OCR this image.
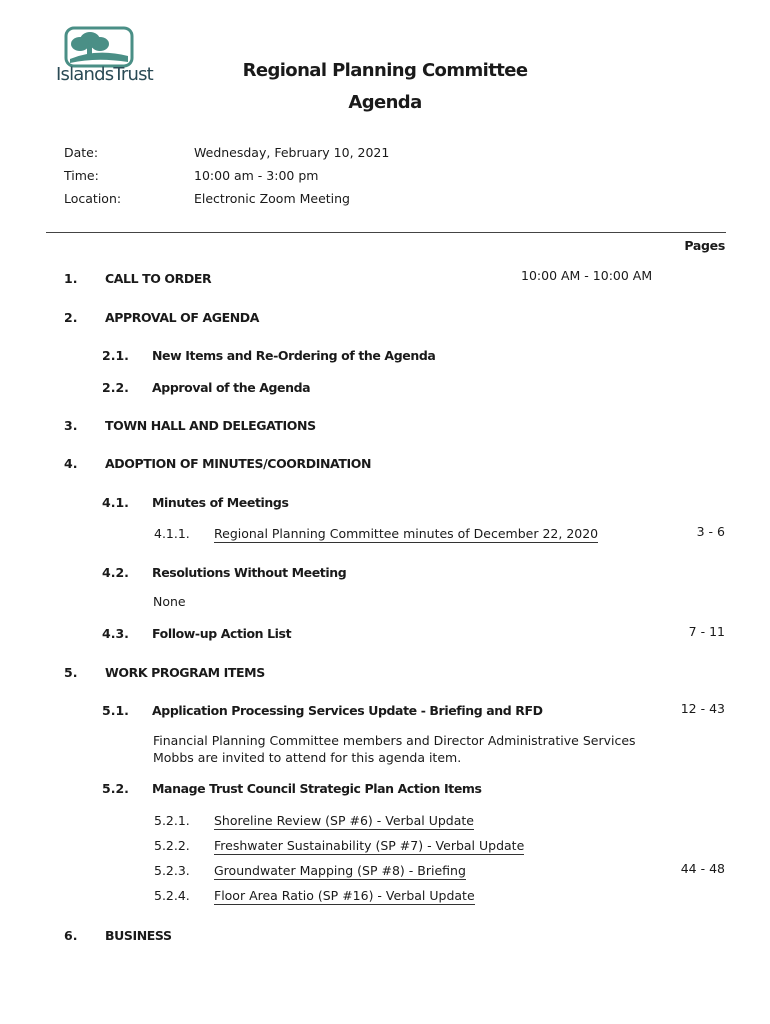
IslandsTrust	Regional Planning Committee
Agenda
Date:	Wednesday, February 10, 2021
Time:	10:00 am - 3:00 pm
Location:	Electronic Zoom Meeting
Pages
1. CALL TO ORDER	10:00 AM - 10:00 AM
2. APPROVAL OF AGENDA
2.1. New Items and Re-Ordering of the Agenda
2.2. Approval of the Agenda
3. TOWN HALL AND DELEGATIONS
4. ADOPTION OF MINUTES/COORDINATION
4.1. Minutes of Meetings
4.1.1. Regional Planning Committee minutes of December 22, 2020	3 - 6
4.2. Resolutions Without Meeting
None
4.3. Follow-up Action List	7 - 11
5. WORK PROGRAM ITEMS
5.1. Application Processing Services Update - Briefing and RFD	12 - 43
Financial Planning Committee members and Director Administrative Services Mobbs are invited to attend for this agenda item.
5.2. Manage Trust Council Strategic Plan Action Items
5.2.1. Shoreline Review (SP #6) - Verbal Update
5.2.2. Freshwater Sustainability (SP #7) - Verbal Update
5.2.3. Groundwater Mapping (SP #8) - Briefing	44 - 48
5.2.4. Floor Area Ratio (SP #16) - Verbal Update
6. BUSINESS
